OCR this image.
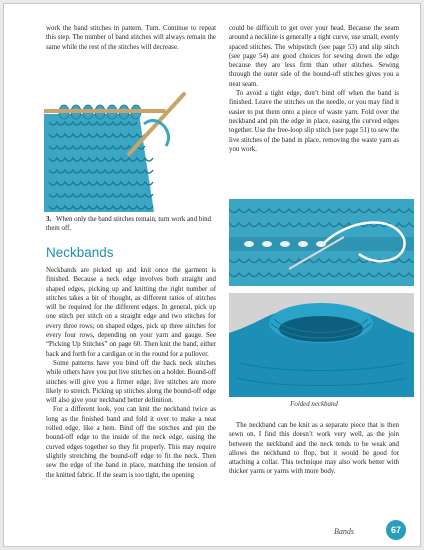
work the band stitches in pattern. Turn. Continue to repeat this step. The number of band stitches will always remain the same while the rest of the stitches will decrease.

3. When only the band stitches remain, turn work and bind them off.
Neckbands

Neckbands are picked up and knit once the garment is finished. Because a neck edge involves both straight and shaped edges, picking up and knitting the right number of stitches takes a bit of thought, as different ratios of stitches will be required for the different edges. In general, pick up one stitch per stitch on a straight edge and two stitches for every three rows; on shaped edges, pick up three stitches for every four rows, depending on your yarn and gauge. See “Picking Up Stitches” on page 60. Then knit the band, either back and forth for a cardigan or in the round for a pullover.

Some patterns have you bind off the back neck stitches while others have you put live stitches on a holder. Bound-off stitches will give you a firmer edge; live stitches are more likely to stretch. Picking up stitches along the bound-off edge will also give your neckband better definition.

For a different look, you can knit the neckband twice as long as the finished band and fold it over to make a neat rolled edge, like a hem. Bind off the stitches and pin the bound-off edge to the inside of the neck edge, easing the curved edges together so they fit properly. This may require slightly stretching the bound-off edge to fit the neck. Then sew the edge of the band in place, matching the tension of the knitted fabric. If the seam is too tight, the opening

could be difficult to get over your head. Because the seam around a neckline is generally a tight curve, use small, evenly spaced stitches. The whipstitch (see page 53) and slip stitch (see page 54) are good choices for sewing down the edge because they are less firm than other stitches. Sewing through the outer side of the bound-off stitches gives you a neat seam.

To avoid a tight edge, don’t bind off when the band is finished. Leave the stitches on the needle, or you may find it easier to put them onto a piece of waste yarn. Fold over the neckband and pin the edge in place, easing the curved edges together. Use the free-loop slip stitch (see page 51) to sew the live stitches of the band in place, removing the waste yarn as you work.

Folded neckband

The neckband can be knit as a separate piece that is then sewn on. I find this doesn’t work very well, as the join between the neckband and the neck tends to be weak and allows the neckband to flop, but it would be good for attaching a collar. This technique may also work better with thicker yarns or yarns with more body.

Bands	67
